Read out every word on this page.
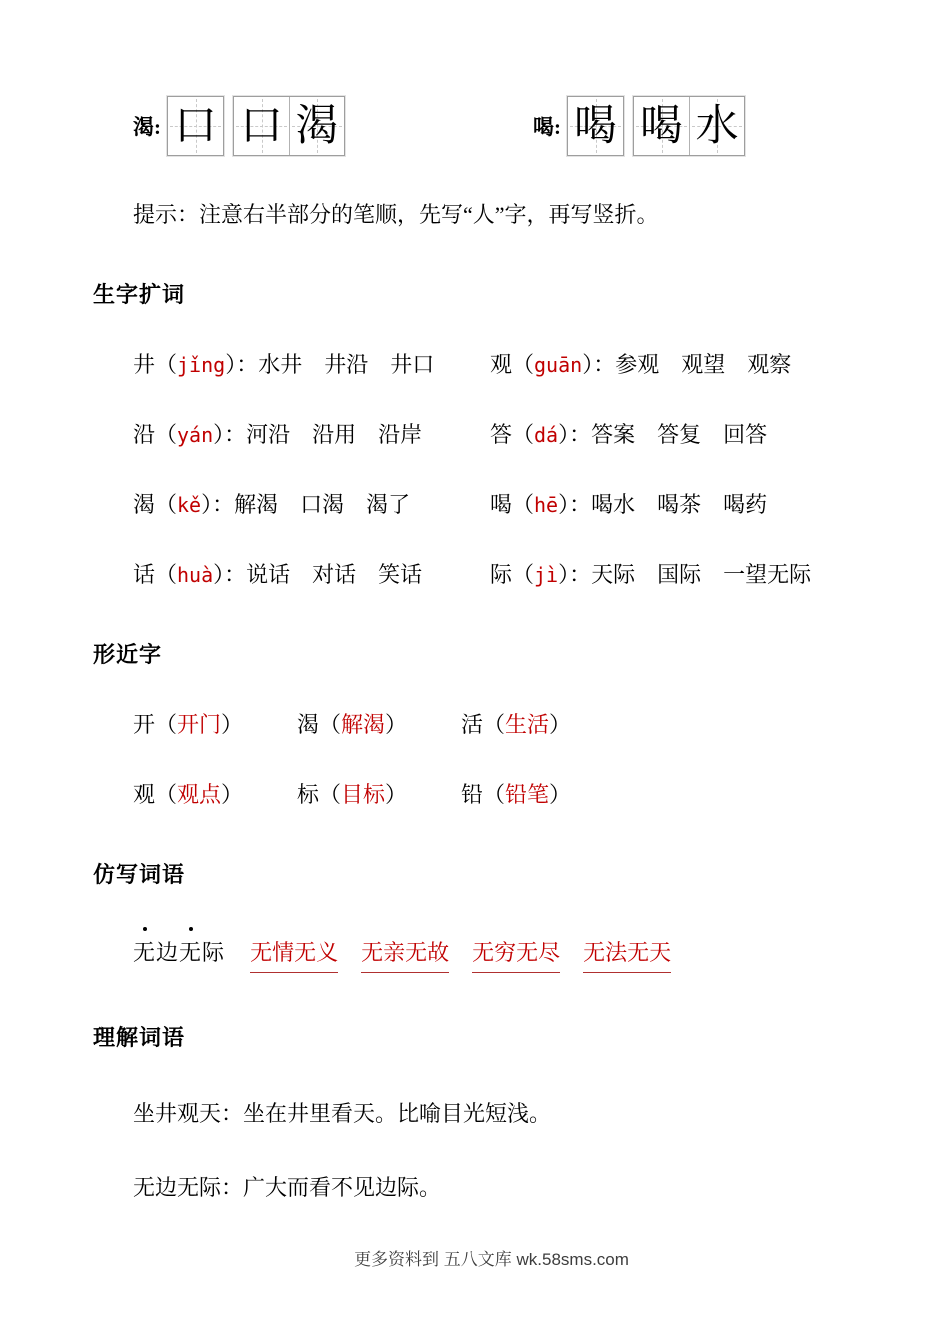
渴: 口 口 渴	喝: 喝 喝 水

提示：注意右半部分的笔顺，先写“人”字，再写竖折。

生字扩词
井（jǐng）：水井　井沿　井口	观（guān）：参观　观望　观察
沿（yán）：河沿　沿用　沿岸	答（dá）：答案　答复　回答
渴（kě）：解渴　口渴　渴了	喝（hē）：喝水　喝茶　喝药
话（huà）：说话　对话　笑话	际（jì）：天际　国际　一望无际
形近字
开（开门）	渴（解渴）	活（生活）
观（观点）	标（目标）	铅（铅笔）
仿写词语
无边无际 无情无义 无亲无故 无穷无尽 无法无天
理解词语

坐井观天：坐在井里看天。比喻目光短浅。

无边无际：广大而看不见边际。

更多资料到 五八文库 wk.58sms.com
